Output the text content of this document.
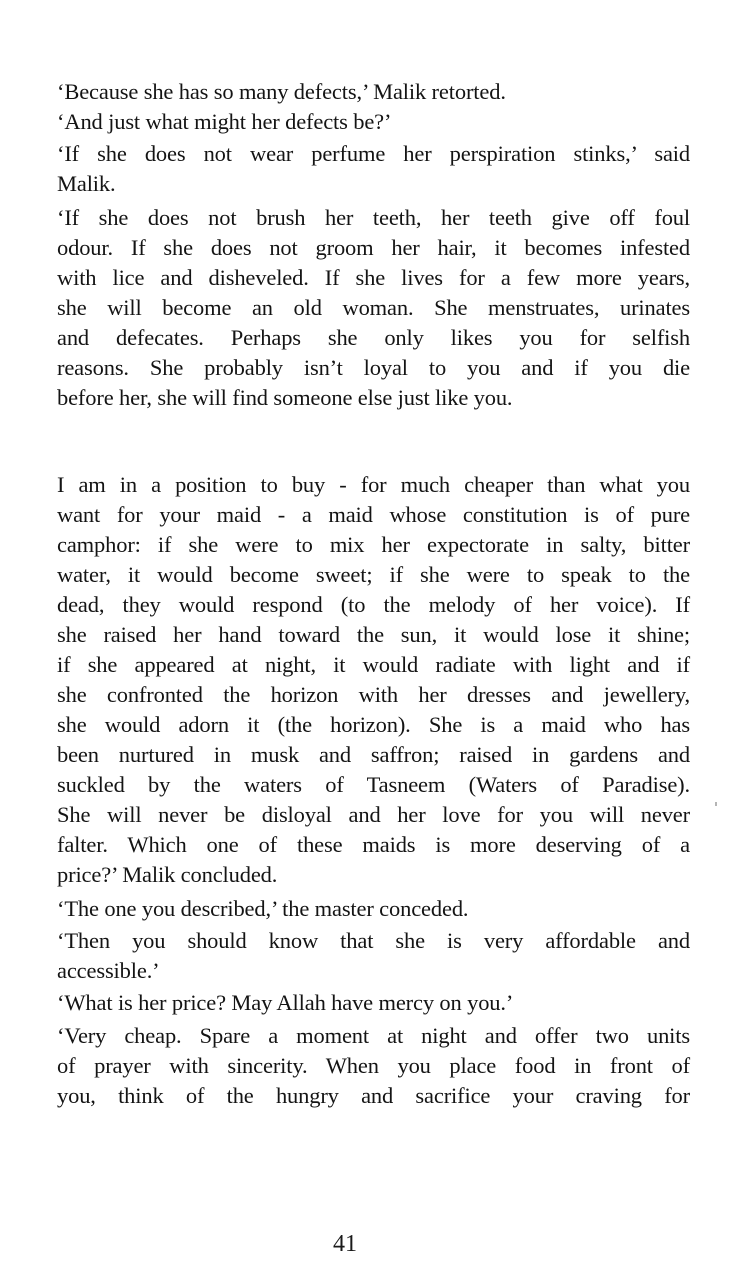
‘Because she has so many defects,’ Malik retorted.
‘And just what might her defects be?’
‘If she does not wear perfume her perspiration stinks,’ said
Malik.
‘If she does not brush her teeth, her teeth give off foul
odour. If she does not groom her hair, it becomes infested
with lice and disheveled. If she lives for a few more years,
she will become an old woman. She menstruates, urinates
and defecates. Perhaps she only likes you for selfish
reasons. She probably isn’t loyal to you and if you die
before her, she will find someone else just like you.
I am in a position to buy - for much cheaper than what you
want for your maid - a maid whose constitution is of pure
camphor: if she were to mix her expectorate in salty, bitter
water, it would become sweet; if she were to speak to the
dead, they would respond (to the melody of her voice). If
she raised her hand toward the sun, it would lose it shine;
if she appeared at night, it would radiate with light and if
she confronted the horizon with her dresses and jewellery,
she would adorn it (the horizon). She is a maid who has
been nurtured in musk and saffron; raised in gardens and
suckled by the waters of Tasneem (Waters of Paradise).
She will never be disloyal and her love for you will never
falter. Which one of these maids is more deserving of a
price?’ Malik concluded.
‘The one you described,’ the master conceded.
‘Then you should know that she is very affordable and
accessible.’
‘What is her price? May Allah have mercy on you.’
‘Very cheap. Spare a moment at night and offer two units
of prayer with sincerity. When you place food in front of
you, think of the hungry and sacrifice your craving for
41
